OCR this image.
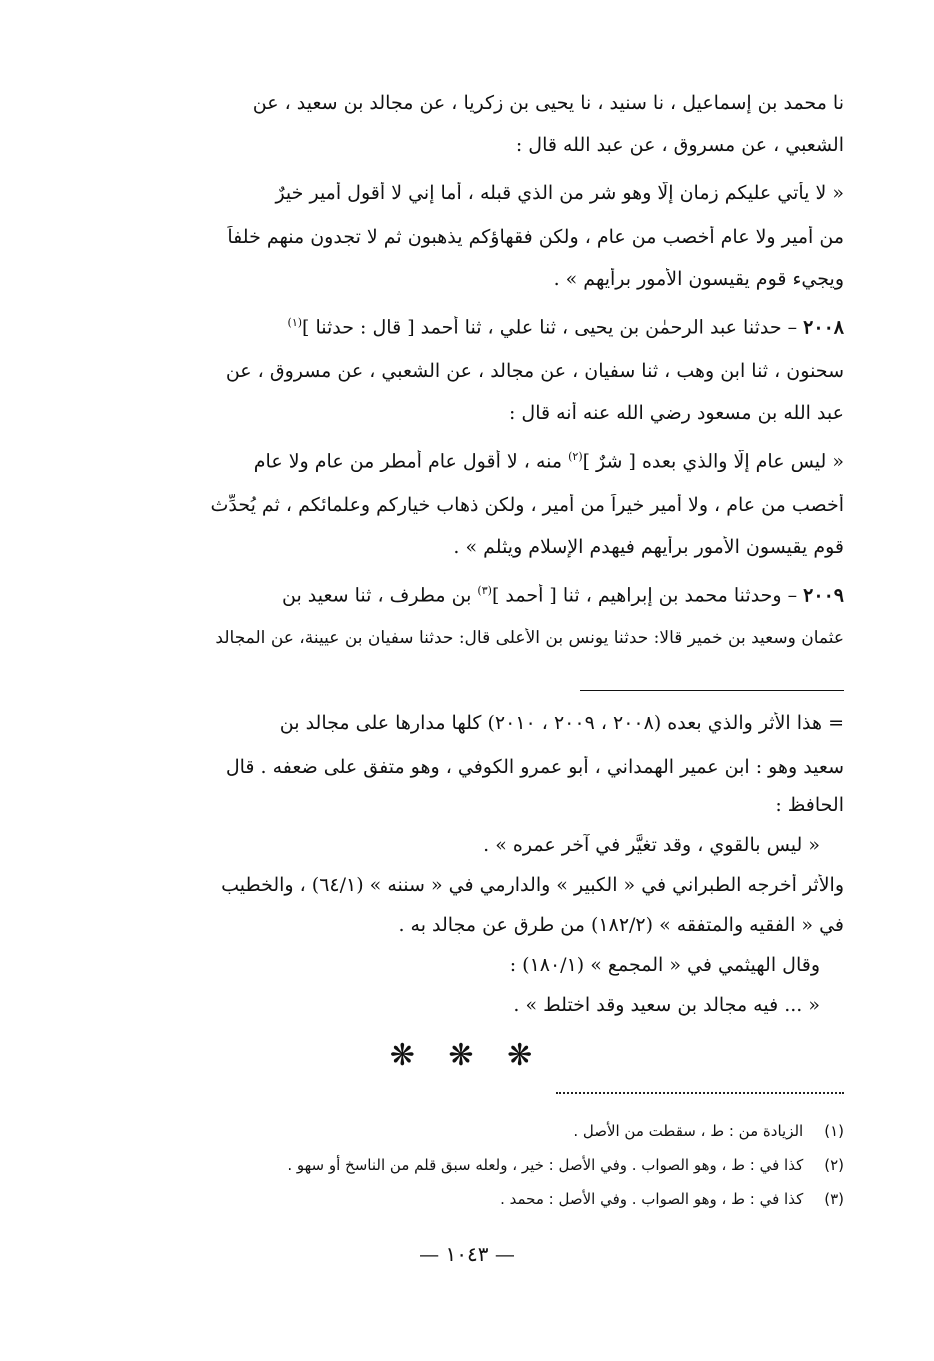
نا محمد بن إسماعيل ، نا سنيد ، نا يحيى بن زكريا ، عن مجالد بن سعيد ، عن
الشعبي ، عن مسروق ، عن عبد الله قال :
« لا يأتي عليكم زمان إلَّا وهو شر من الذي قبله ، أما إني لا أقول أمير خيرٌ
من أمير ولا عام أخصب من عام ، ولكن فقهاؤكم يذهبون ثم لا تجدون منهم خلفاً
ويجيء قوم يقيسون الأمور برأيهم » .
٢٠٠٨ – حدثنا عبد الرحمٰن بن يحيى ، ثنا علي ، ثنا أحمد [ قال : حدثنا ]$^{(١)}$
سحنون ، ثنا ابن وهب ، ثنا سفيان ، عن مجالد ، عن الشعبي ، عن مسروق ، عن
عبد الله بن مسعود رضي الله عنه أنه قال :
« ليس عام إلَّا والذي بعده [ شرٌ ]$^{(٢)}$ منه ، لا أقول عام أمطر من عام ولا عام
أخصب من عام ، ولا أمير خيراً من أمير ، ولكن ذهاب خياركم وعلمائكم ، ثم يُحدِّث
قوم يقيسون الأمور برأيهم فيهدم الإسلام ويثلم » .
٢٠٠٩ – وحدثنا محمد بن إبراهيم ، ثنا [ أحمد ]$^{(٣)}$ بن مطرف ، ثنا سعيد بن
عثمان وسعيد بن خمير قالا: حدثنا يونس بن الأعلى قال: حدثنا سفيان بن عيينة، عن المجالد
= هذا الأثر والذي بعده (٢٠٠٨ ، ٢٠٠٩ ، ٢٠١٠) كلها مدارها على مجالد بن
سعيد وهو : ابن عمير الهمداني ، أبو عمرو الكوفي ، وهو متفق على ضعفه . قال
الحافظ :
« ليس بالقوي ، وقد تغيَّر في آخر عمره » .
والأثر أخرجه الطبراني في « الكبير » والدارمي في « سننه » (٦٤/١) ، والخطيب
في « الفقيه والمتفقه » (١٨٢/٢) من طرقٍ عن مجالد به .
وقال الهيثمي في « المجمع » (١٨٠/١) :
« ... فيه مجالد بن سعيد وقد اختلط » .
❋ ❋ ❋
(١) الزيادة من : ط ، سقطت من الأصل .
(٢) كذا في : ط ، وهو الصواب . وفي الأصل : خير ، ولعله سبق قلم من الناسخ أو سهو .
(٣) كذا في : ط ، وهو الصواب . وفي الأصل : محمد .
— ١٠٤٣ —
